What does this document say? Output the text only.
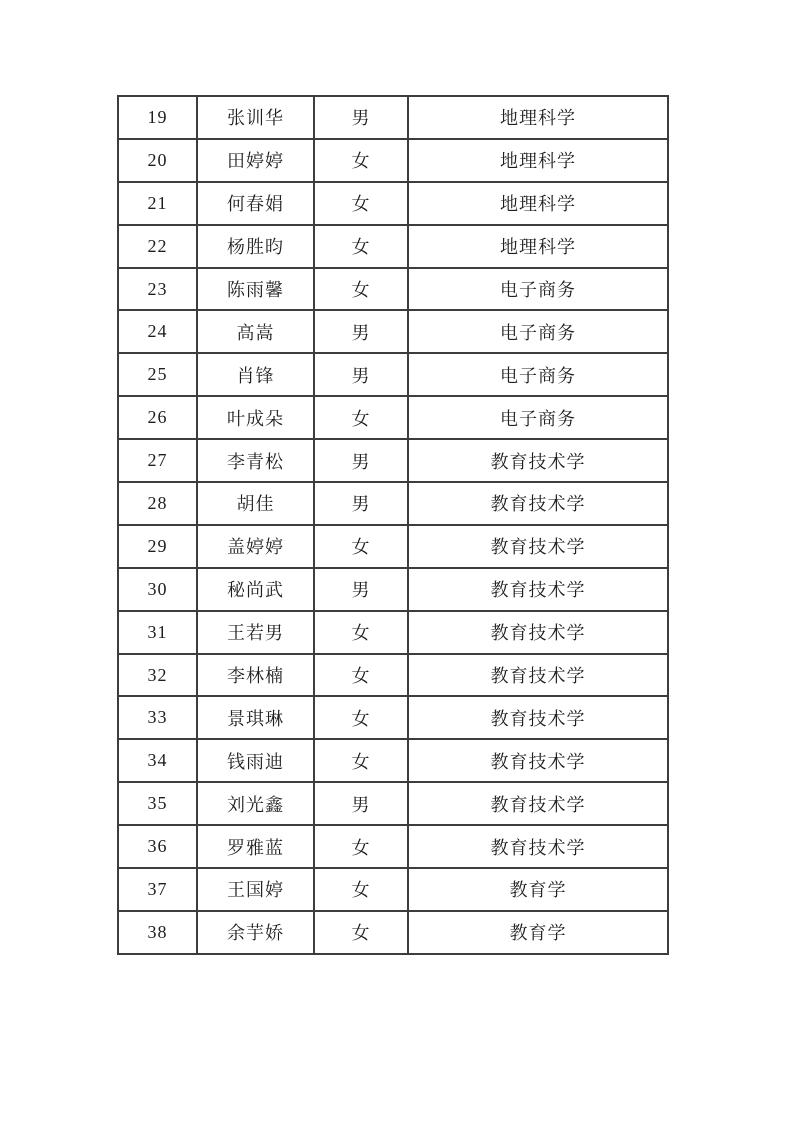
19	张训华	男	地理科学
20	田婷婷	女	地理科学
21	何春娟	女	地理科学
22	杨胜昀	女	地理科学
23	陈雨馨	女	电子商务
24	高嵩	男	电子商务
25	肖锋	男	电子商务
26	叶成朵	女	电子商务
27	李青松	男	教育技术学
28	胡佳	男	教育技术学
29	盖婷婷	女	教育技术学
30	秘尚武	男	教育技术学
31	王若男	女	教育技术学
32	李林楠	女	教育技术学
33	景琪琳	女	教育技术学
34	钱雨迪	女	教育技术学
35	刘光鑫	男	教育技术学
36	罗雅蓝	女	教育技术学
37	王国婷	女	教育学
38	余芋娇	女	教育学
